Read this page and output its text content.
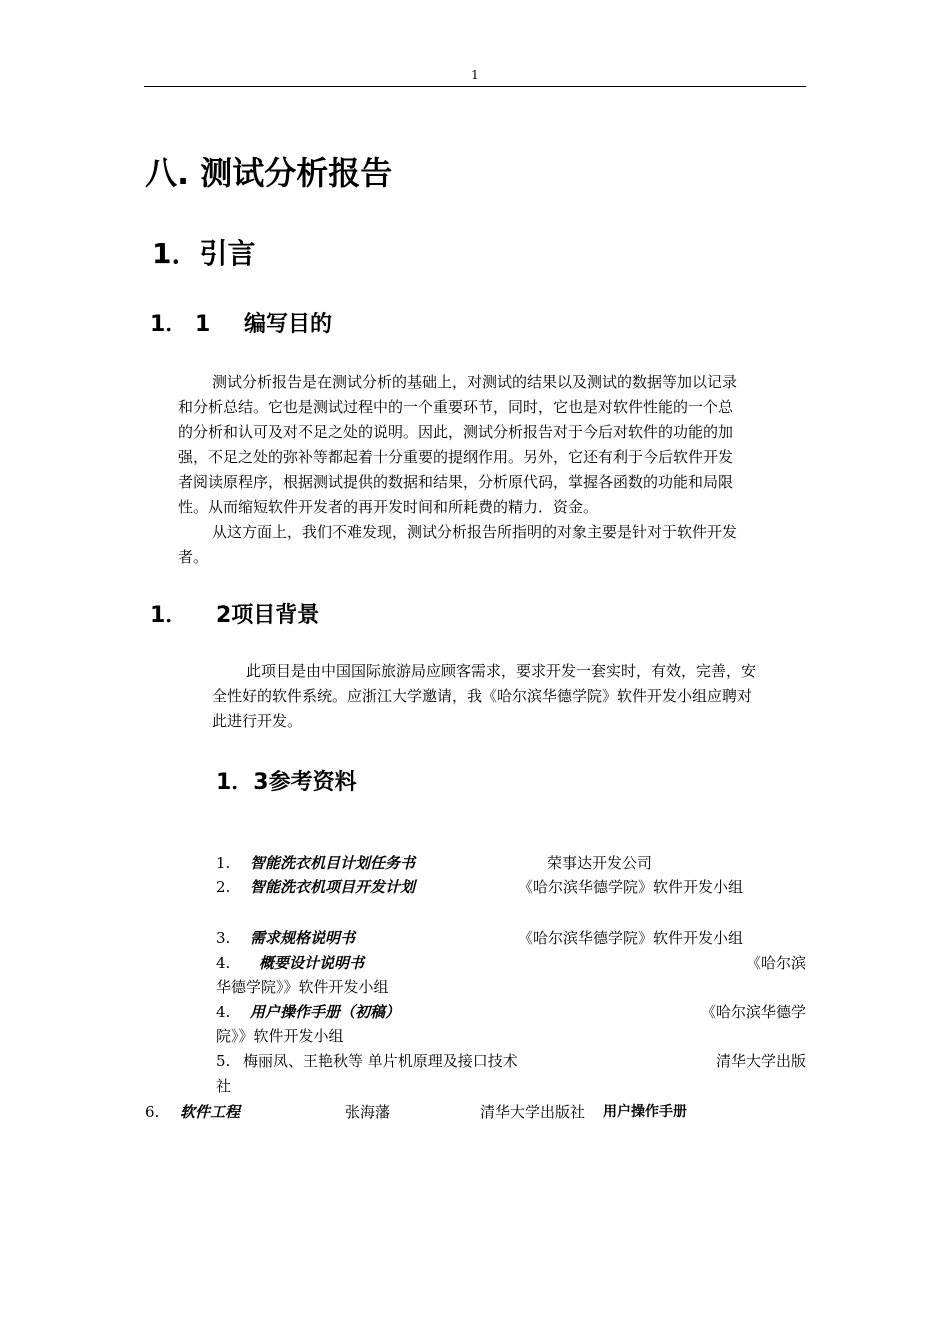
1
八. 测试分析报告
1．引言
1． 1 编写目的
测试分析报告是在测试分析的基础上，对测试的结果以及测试的数据等加以记录
和分析总结。它也是测试过程中的一个重要环节，同时，它也是对软件性能的一个总
的分析和认可及对不足之处的说明。因此，测试分析报告对于今后对软件的功能的加
强，不足之处的弥补等都起着十分重要的提纲作用。另外，它还有利于今后软件开发
者阅读原程序，根据测试提供的数据和结果，分析原代码，掌握各函数的功能和局限
性。从而缩短软件开发者的再开发时间和所耗费的精力．资金。
从这方面上，我们不难发现，测试分析报告所指明的对象主要是针对于软件开发
者。
1． 2项目背景
此项目是由中国国际旅游局应顾客需求，要求开发一套实时，有效，完善，安
全性好的软件系统。应浙江大学邀请，我《哈尔滨华德学院》软件开发小组应聘对
此进行开发。
1．3参考资料
1. 智能洗衣机目计划任务书	荣事达开发公司
2. 智能洗衣机项目开发计划	《哈尔滨华德学院》软件开发小组
3. 需求规格说明书	《哈尔滨华德学院》软件开发小组
4. 概要设计说明书	《哈尔滨
华德学院》》软件开发小组
4. 用户操作手册（初稿）	《哈尔滨华德学
院》》软件开发小组
5. 梅丽凤、王艳秋等 单片机原理及接口技术	清华大学出版
社
6. 软件工程	张海藩	清华大学出版社 用户操作手册
